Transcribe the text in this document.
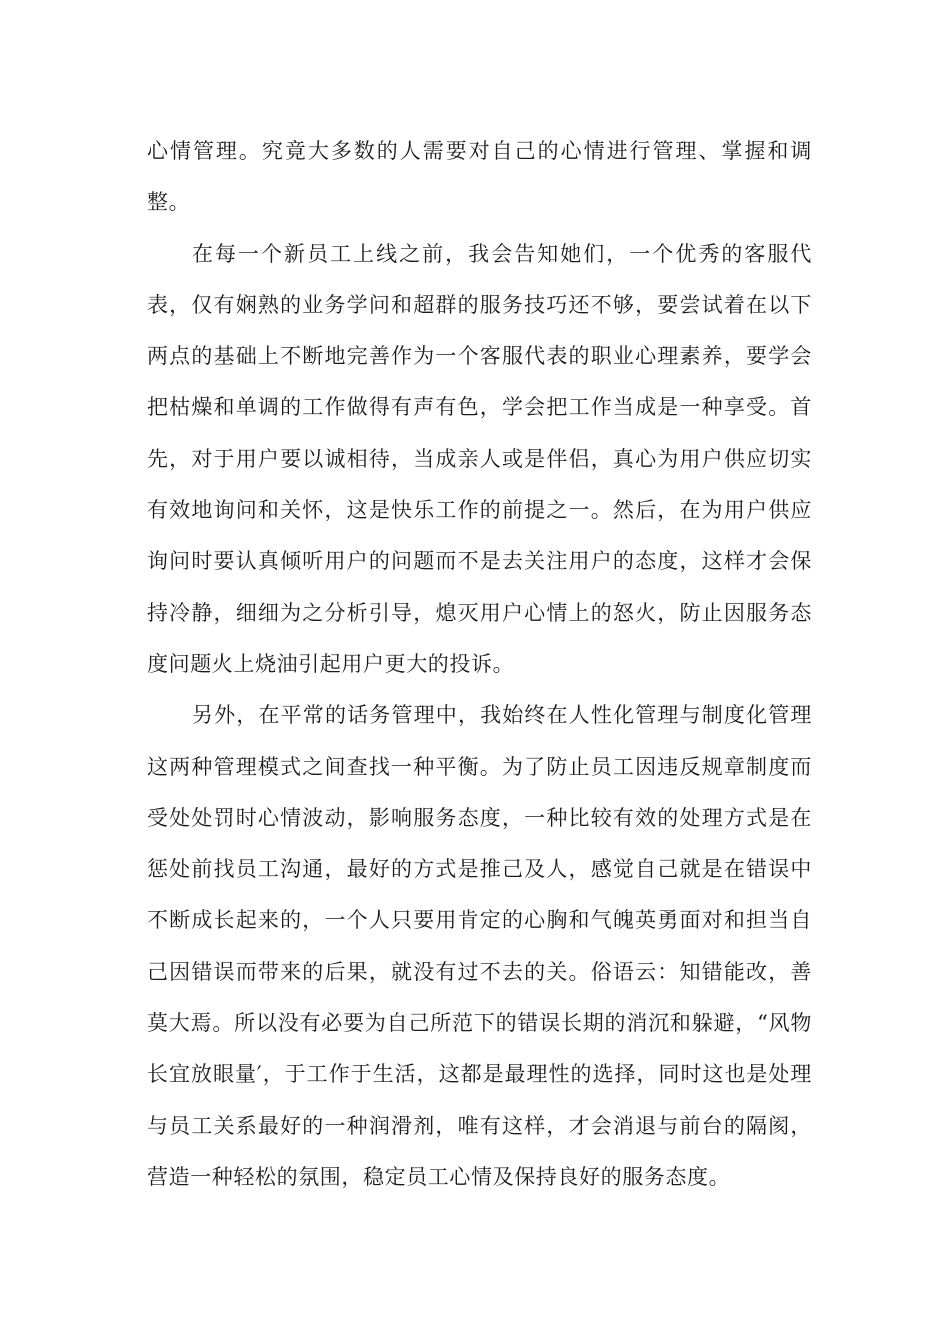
心情管理。究竟大多数的人需要对自己的心情进行管理、掌握和调整。

在每一个新员工上线之前，我会告知她们，一个优秀的客服代表，仅有娴熟的业务学问和超群的服务技巧还不够，要尝试着在以下两点的基础上不断地完善作为一个客服代表的职业心理素养，要学会把枯燥和单调的工作做得有声有色，学会把工作当成是一种享受。首先，对于用户要以诚相待，当成亲人或是伴侣，真心为用户供应切实有效地询问和关怀，这是快乐工作的前提之一。然后，在为用户供应询问时要认真倾听用户的问题而不是去关注用户的态度，这样才会保持冷静，细细为之分析引导，熄灭用户心情上的怒火，防止因服务态度问题火上烧油引起用户更大的投诉。

另外，在平常的话务管理中，我始终在人性化管理与制度化管理这两种管理模式之间查找一种平衡。为了防止员工因违反规章制度而受处处罚时心情波动，影响服务态度，一种比较有效的处理方式是在惩处前找员工沟通，最好的方式是推己及人，感觉自己就是在错误中不断成长起来的，一个人只要用肯定的心胸和气魄英勇面对和担当自己因错误而带来的后果，就没有过不去的关。俗语云：知错能改，善莫大焉。所以没有必要为自己所范下的错误长期的消沉和躲避，“风物长宜放眼量′，于工作于生活，这都是最理性的选择，同时这也是处理与员工关系最好的一种润滑剂，唯有这样，才会消退与前台的隔阂，营造一种轻松的氛围，稳定员工心情及保持良好的服务态度。
